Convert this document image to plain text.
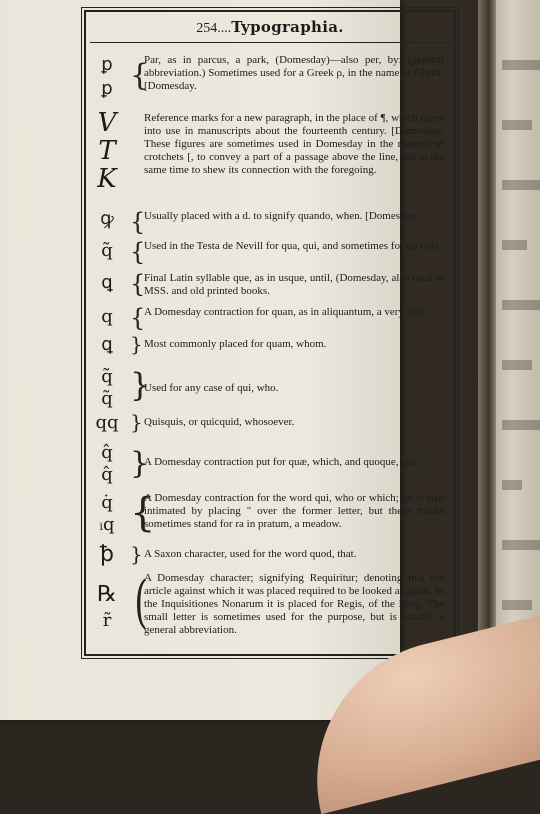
254....Typographia.
ꝑ
ꝑ {
Par, as in parcus, a park, (Domesday)—also per, by: (general abbreviation.) Sometimes used for a Greek ρ, in the name of Christ. [Domesday.
𝑉
𝑇
𝐾
Reference marks for a new paragraph, in the place of ¶, which came into use in manuscripts about the fourteenth century. [Domesday. These figures are sometimes used in Domesday in the manner of crotchets [, to convey a part of a passage above the line, but at the same time to shew its connection with the foregoing.
ꝙ {
Usually placed with a d. to signify quando, when. [Domesday.
q̃ {
Used in the Testa de Nevill for qua, qui, and sometimes for qu only.
ꝗ {
Final Latin syllable que, as in usque, until, (Domesday, also used in MSS. and old printed books.
q {
A Domesday contraction for quan, as in aliquantum, a very little.
ꝗ } Most commonly placed for quam, whom.
q̃
q̃ }
Used for any case of qui, who.
qq } Quisquis, or quicquid, whosoever.
q̂
q̂ }
A Domesday contraction put for quæ, which, and quoque, also.
q̇
ᵢq {
A Domesday contraction for the word qui, who or which; qu is also intimated by placing " over the former letter, but these marks sometimes stand for ra in pratum, a meadow.
ꝥ } A Saxon character, used for the word quod, that.
℞
r̃ (
A Domesday character; signifying Requiritur; denoting that the article against which it was placed required to be looked at again. In the Inquisitiones Nonarum it is placed for Regis, of the King. The small letter is sometimes used for the purpose, but is usually a general abbreviation.
